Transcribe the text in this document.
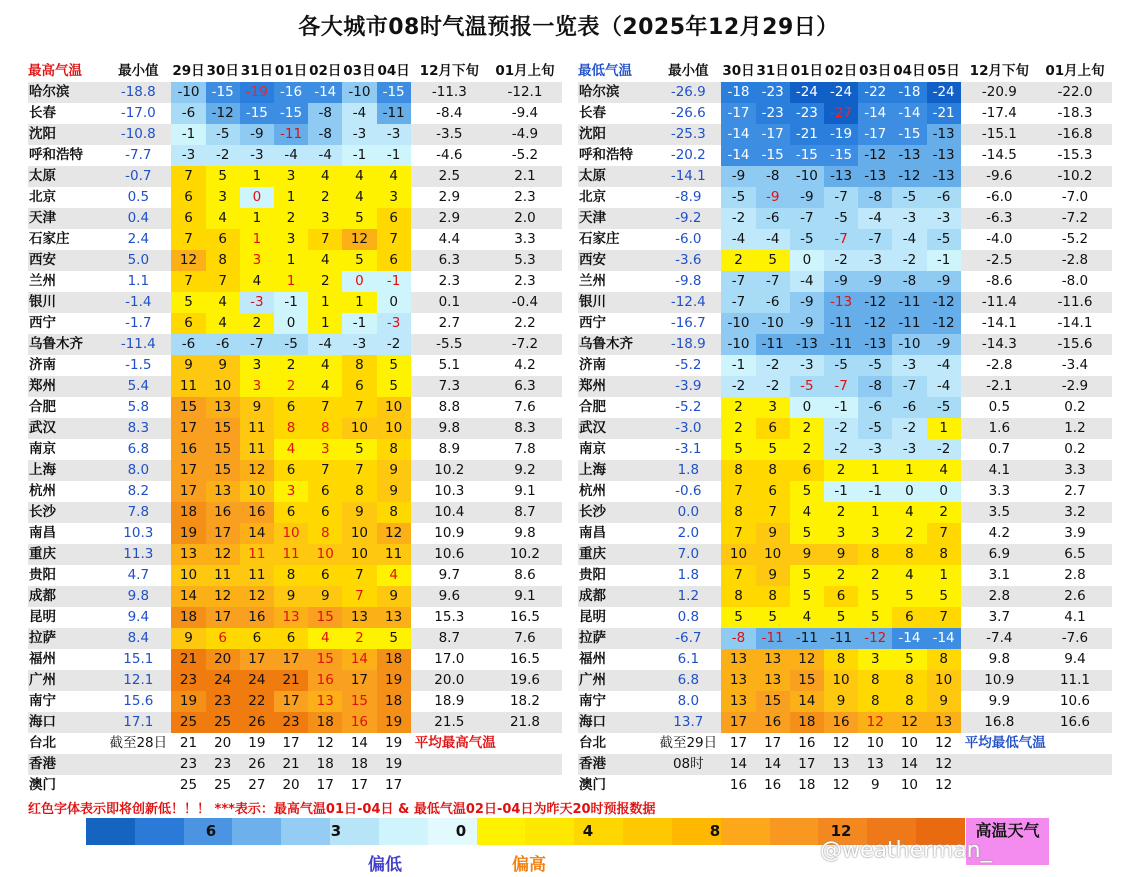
各大城市08时气温预报一览表（2025年12月29日）
最高气温	最小值	29日	30日	31日	01日	02日	03日	04日	12月下旬	01月上旬
哈尔滨	-18.8	-10	-15	-19	-16	-14	-10	-15	-11.3	-12.1
长春	-17.0	-6	-12	-15	-15	-8	-4	-11	-8.4	-9.4
沈阳	-10.8	-1	-5	-9	-11	-8	-3	-3	-3.5	-4.9
呼和浩特	-7.7	-3	-2	-3	-4	-4	-1	-1	-4.6	-5.2
太原	-0.7	7	5	1	3	4	4	4	2.5	2.1
北京	0.5	6	3	0	1	2	4	3	2.9	2.3
天津	0.4	6	4	1	2	3	5	6	2.9	2.0
石家庄	2.4	7	6	1	3	7	12	7	4.4	3.3
西安	5.0	12	8	3	1	4	5	6	6.3	5.3
兰州	1.1	7	7	4	1	2	0	-1	2.3	2.3
银川	-1.4	5	4	-3	-1	1	1	0	0.1	-0.4
西宁	-1.7	6	4	2	0	1	-1	-3	2.7	2.2
乌鲁木齐	-11.4	-6	-6	-7	-5	-4	-3	-2	-5.5	-7.2
济南	-1.5	9	9	3	2	4	8	5	5.1	4.2
郑州	5.4	11	10	3	2	4	6	5	7.3	6.3
合肥	5.8	15	13	9	6	7	7	10	8.8	7.6
武汉	8.3	17	15	11	8	8	10	10	9.8	8.3
南京	6.8	16	15	11	4	3	5	8	8.9	7.8
上海	8.0	17	15	12	6	7	7	9	10.2	9.2
杭州	8.2	17	13	10	3	6	8	9	10.3	9.1
长沙	7.8	18	16	16	6	6	9	8	10.4	8.7
南昌	10.3	19	17	14	10	8	10	12	10.9	9.8
重庆	11.3	13	12	11	11	10	10	11	10.6	10.2
贵阳	4.7	10	11	11	8	6	7	4	9.7	8.6
成都	9.8	14	12	12	9	9	7	9	9.6	9.1
昆明	9.4	18	17	16	13	15	13	13	15.3	16.5
拉萨	8.4	9	6	6	6	4	2	5	8.7	7.6
福州	15.1	21	20	17	17	15	14	18	17.0	16.5
广州	12.1	23	24	24	21	16	17	19	20.0	19.6
南宁	15.6	19	23	22	17	13	15	18	18.9	18.2
海口	17.1	25	25	26	23	18	16	19	21.5	21.8
台北	截至28日	21	20	19	17	12	14	19	平均最高气温	
香港		23	23	26	21	18	18	19		
澳门		25	25	27	20	17	17	17		
最低气温	最小值	30日	31日	01日	02日	03日	04日	05日	12月下旬	01月上旬
哈尔滨	-26.9	-18	-23	-24	-24	-22	-18	-24	-20.9	-22.0
长春	-26.6	-17	-23	-23	-27	-14	-14	-21	-17.4	-18.3
沈阳	-25.3	-14	-17	-21	-19	-17	-15	-13	-15.1	-16.8
呼和浩特	-20.2	-14	-15	-15	-15	-12	-13	-13	-14.5	-15.3
太原	-14.1	-9	-8	-10	-13	-13	-12	-13	-9.6	-10.2
北京	-8.9	-5	-9	-9	-7	-8	-5	-6	-6.0	-7.0
天津	-9.2	-2	-6	-7	-5	-4	-3	-3	-6.3	-7.2
石家庄	-6.0	-4	-4	-5	-7	-7	-4	-5	-4.0	-5.2
西安	-3.6	2	5	0	-2	-3	-2	-1	-2.5	-2.8
兰州	-9.8	-7	-7	-4	-9	-9	-8	-9	-8.6	-8.0
银川	-12.4	-7	-6	-9	-13	-12	-11	-12	-11.4	-11.6
西宁	-16.7	-10	-10	-9	-11	-12	-11	-12	-14.1	-14.1
乌鲁木齐	-18.9	-10	-11	-13	-11	-13	-10	-9	-14.3	-15.6
济南	-5.2	-1	-2	-3	-5	-5	-3	-4	-2.8	-3.4
郑州	-3.9	-2	-2	-5	-7	-8	-7	-4	-2.1	-2.9
合肥	-5.2	2	3	0	-1	-6	-6	-5	0.5	0.2
武汉	-3.0	2	6	2	-2	-5	-2	1	1.6	1.2
南京	-3.1	5	5	2	-2	-3	-3	-2	0.7	0.2
上海	1.8	8	8	6	2	1	1	4	4.1	3.3
杭州	-0.6	7	6	5	-1	-1	0	0	3.3	2.7
长沙	0.0	8	7	4	2	1	4	2	3.5	3.2
南昌	2.0	7	9	5	3	3	2	7	4.2	3.9
重庆	7.0	10	10	9	9	8	8	8	6.9	6.5
贵阳	1.8	7	9	5	2	2	4	1	3.1	2.8
成都	1.2	8	8	5	6	5	5	5	2.8	2.6
昆明	0.8	5	5	4	5	5	6	7	3.7	4.1
拉萨	-6.7	-8	-11	-11	-11	-12	-14	-14	-7.4	-7.6
福州	6.1	13	13	12	8	3	5	8	9.8	9.4
广州	6.8	13	13	15	10	8	8	10	10.9	11.1
南宁	8.0	13	15	14	9	8	8	9	9.9	10.6
海口	13.7	17	16	18	16	12	12	13	16.8	16.6
台北	截至29日	17	17	16	12	10	10	12	平均最低气温	
香港	08时	14	14	17	13	13	14	12		
澳门		16	16	18	12	9	10	12		
红色字体表示即将创新低！！！ ***表示：最高气温01日-04日 & 最低气温02日-04日为昨天20时预报数据
6	3	0	4	8	12	高温天气
偏低	偏高
@weatherman_
